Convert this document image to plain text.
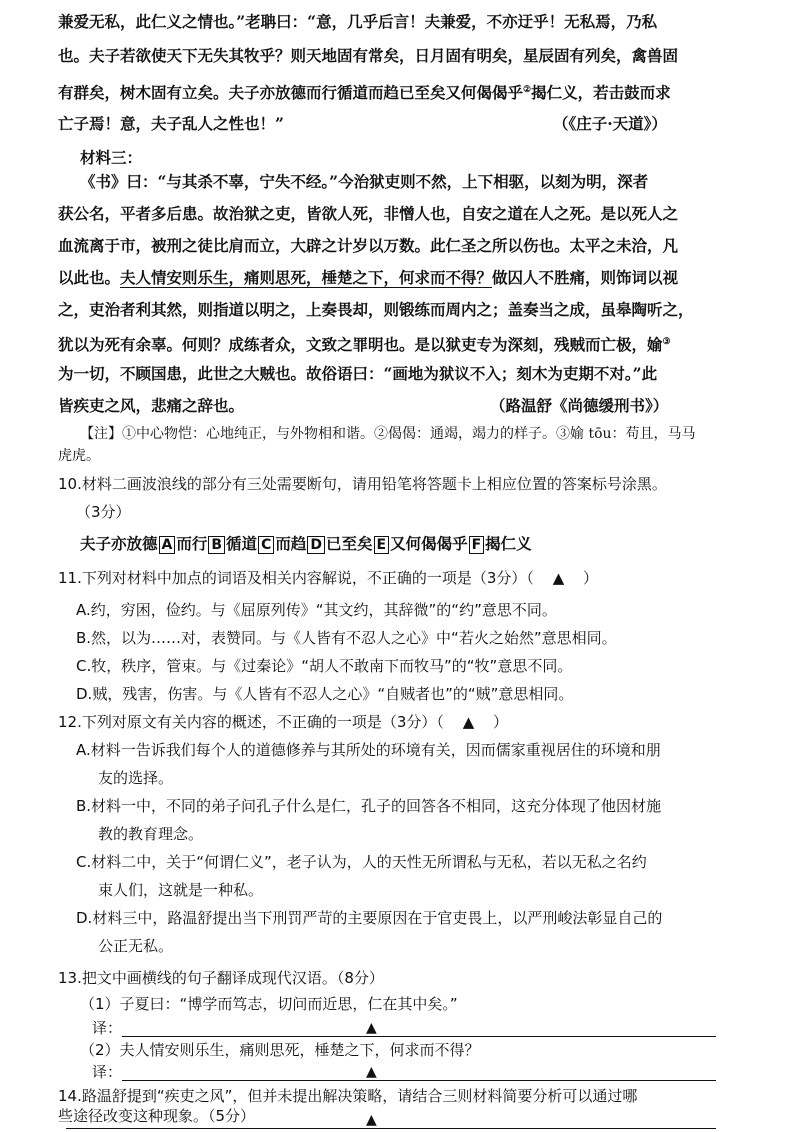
兼爱无私，此仁义之情也。”老聃曰：“意，几乎后言！夫兼爱，不亦迂乎！无私焉，乃私
也。夫子若欲使天下无失其牧乎？则天地固有常矣，日月固有明矣，星辰固有列矣，禽兽固
有群矣，树木固有立矣。夫子亦放德而行循道而趋已至矣又何偈偈乎②揭仁义，若击鼓而求
亡子焉！意，夫子乱人之性也！”	（《庄子·天道》）
材料三：
《书》曰：“与其杀不辜，宁失不经。”今治狱吏则不然，上下相驱，以刻为明，深者
获公名，平者多后患。故治狱之吏，皆欲人死，非憎人也，自安之道在人之死。是以死人之
血流离于市，被刑之徒比肩而立，大辟之计岁以万数。此仁圣之所以伤也。太平之未洽，凡
以此也。夫人情安则乐生，痛则思死，棰楚之下，何求而不得？做囚人不胜痛，则饰词以视
之，吏治者利其然，则指道以明之，上奏畏却，则锻练而周内之；盖奏当之成，虽皋陶听之，
犹以为死有余辜。何则？成练者众，文致之罪明也。是以狱吏专为深刻，残贼而亡极，媮③
为一切，不顾国患，此世之大贼也。故俗语曰：“画地为狱议不入；刻木为吏期不对。”此
皆疾吏之风，悲痛之辞也。	（路温舒《尚德缓刑书》）
【注】①中心物恺：心地纯正，与外物相和谐。②偈偈：通竭，竭力的样子。③媮 tōu：苟且，马马
虎虎。
10.材料二画波浪线的部分有三处需要断句，请用铅笔将答题卡上相应位置的答案标号涂黑。
（3分）
夫子亦放德 A 而行 B 循道 C 而趋 D 已至矣 E 又何偈偈乎 F 揭仁义
11.下列对材料中加点的词语及相关内容解说，不正确的一项是（3分）（ ▲ ）
A.约，穷困，俭约。与《屈原列传》“其文约，其辞微”的“约”意思不同。
B.然，以为……对，表赞同。与《人皆有不忍人之心》中“若火之始然”意思相同。
C.牧，秩序，管束。与《过秦论》“胡人不敢南下而牧马”的“牧”意思不同。
D.贼，残害，伤害。与《人皆有不忍人之心》“自贼者也”的“贼”意思相同。
12.下列对原文有关内容的概述，不正确的一项是（3分）（ ▲ ）
A.材料一告诉我们每个人的道德修养与其所处的环境有关，因而儒家重视居住的环境和朋
友的选择。
B.材料一中，不同的弟子问孔子什么是仁，孔子的回答各不相同，这充分体现了他因材施
教的教育理念。
C.材料二中，关于“何谓仁义”，老子认为，人的天性无所谓私与无私，若以无私之名约
束人们，这就是一种私。
D.材料三中，路温舒提出当下刑罚严苛的主要原因在于官吏畏上，以严刑峻法彰显自己的
公正无私。
13.把文中画横线的句子翻译成现代汉语。（8分）
（1）子夏曰：“博学而笃志，切问而近思，仁在其中矣。”
译：
（2）夫人情安则乐生，痛则思死，棰楚之下，何求而不得？
译：
▲
▲
14.路温舒提到“疾吏之风”，但并未提出解决策略，请结合三则材料简要分析可以通过哪
些途径改变这种现象。（5分）	▲
